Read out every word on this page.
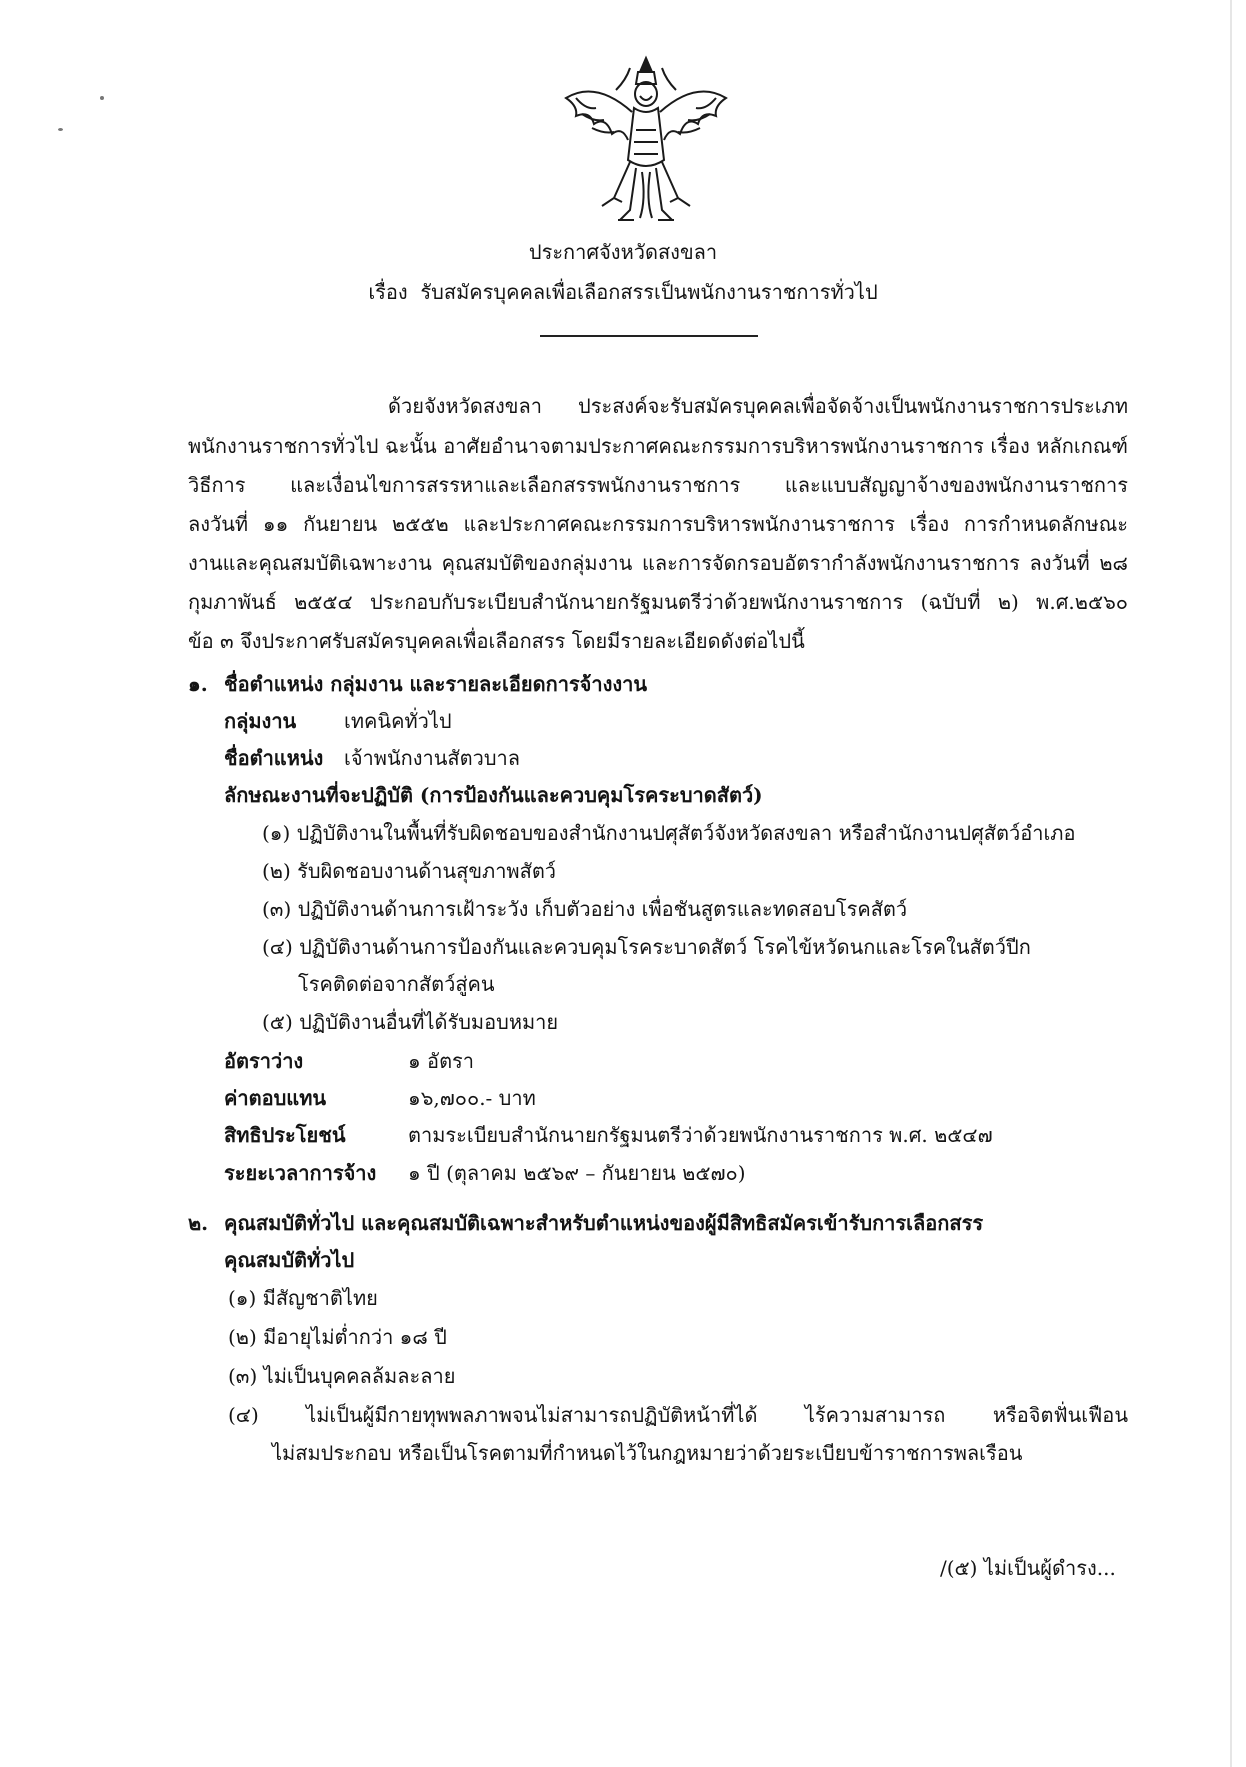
ประกาศจังหวัดสงขลา
เรื่อง รับสมัครบุคคลเพื่อเลือกสรรเป็นพนักงานราชการทั่วไป
ด้วยจังหวัดสงขลา ประสงค์จะรับสมัครบุคคลเพื่อจัดจ้างเป็นพนักงานราชการประเภท
พนักงานราชการทั่วไป ฉะนั้น อาศัยอำนาจตามประกาศคณะกรรมการบริหารพนักงานราชการ เรื่อง หลักเกณฑ์
วิธีการ และเงื่อนไขการสรรหาและเลือกสรรพนักงานราชการ และแบบสัญญาจ้างของพนักงานราชการ
ลงวันที่ ๑๑ กันยายน ๒๕๕๒ และประกาศคณะกรรมการบริหารพนักงานราชการ เรื่อง การกำหนดลักษณะ
งานและคุณสมบัติเฉพาะงาน คุณสมบัติของกลุ่มงาน และการจัดกรอบอัตรากำลังพนักงานราชการ ลงวันที่ ๒๘
กุมภาพันธ์ ๒๕๕๔ ประกอบกับระเบียบสำนักนายกรัฐมนตรีว่าด้วยพนักงานราชการ (ฉบับที่ ๒) พ.ศ.๒๕๖๐
ข้อ ๓ จึงประกาศรับสมัครบุคคลเพื่อเลือกสรร โดยมีรายละเอียดดังต่อไปนี้
๑. ชื่อตำแหน่ง กลุ่มงาน และรายละเอียดการจ้างงาน
กลุ่มงาน เทคนิคทั่วไป
ชื่อตำแหน่ง เจ้าพนักงานสัตวบาล
ลักษณะงานที่จะปฏิบัติ (การป้องกันและควบคุมโรคระบาดสัตว์)
(๑) ปฏิบัติงานในพื้นที่รับผิดชอบของสำนักงานปศุสัตว์จังหวัดสงขลา หรือสำนักงานปศุสัตว์อำเภอ
(๒) รับผิดชอบงานด้านสุขภาพสัตว์
(๓) ปฏิบัติงานด้านการเฝ้าระวัง เก็บตัวอย่าง เพื่อชันสูตรและทดสอบโรคสัตว์
(๔) ปฏิบัติงานด้านการป้องกันและควบคุมโรคระบาดสัตว์ โรคไข้หวัดนกและโรคในสัตว์ปีก
โรคติดต่อจากสัตว์สู่คน
(๕) ปฏิบัติงานอื่นที่ได้รับมอบหมาย
อัตราว่าง	๑ อัตรา
ค่าตอบแทน	๑๖,๗๐๐.- บาท
สิทธิประโยชน์	ตามระเบียบสำนักนายกรัฐมนตรีว่าด้วยพนักงานราชการ พ.ศ. ๒๕๔๗
ระยะเวลาการจ้าง ๑ ปี (ตุลาคม ๒๕๖๙ – กันยายน ๒๕๗๐)
๒. คุณสมบัติทั่วไป และคุณสมบัติเฉพาะสำหรับตำแหน่งของผู้มีสิทธิสมัครเข้ารับการเลือกสรร
คุณสมบัติทั่วไป
(๑) มีสัญชาติไทย
(๒) มีอายุไม่ต่ำกว่า ๑๘ ปี
(๓) ไม่เป็นบุคคลล้มละลาย
(๔) ไม่เป็นผู้มีกายทุพพลภาพจนไม่สามารถปฏิบัติหน้าที่ได้ ไร้ความสามารถ หรือจิตฟั่นเฟือน
ไม่สมประกอบ หรือเป็นโรคตามที่กำหนดไว้ในกฎหมายว่าด้วยระเบียบข้าราชการพลเรือน
/(๕) ไม่เป็นผู้ดำรง...
